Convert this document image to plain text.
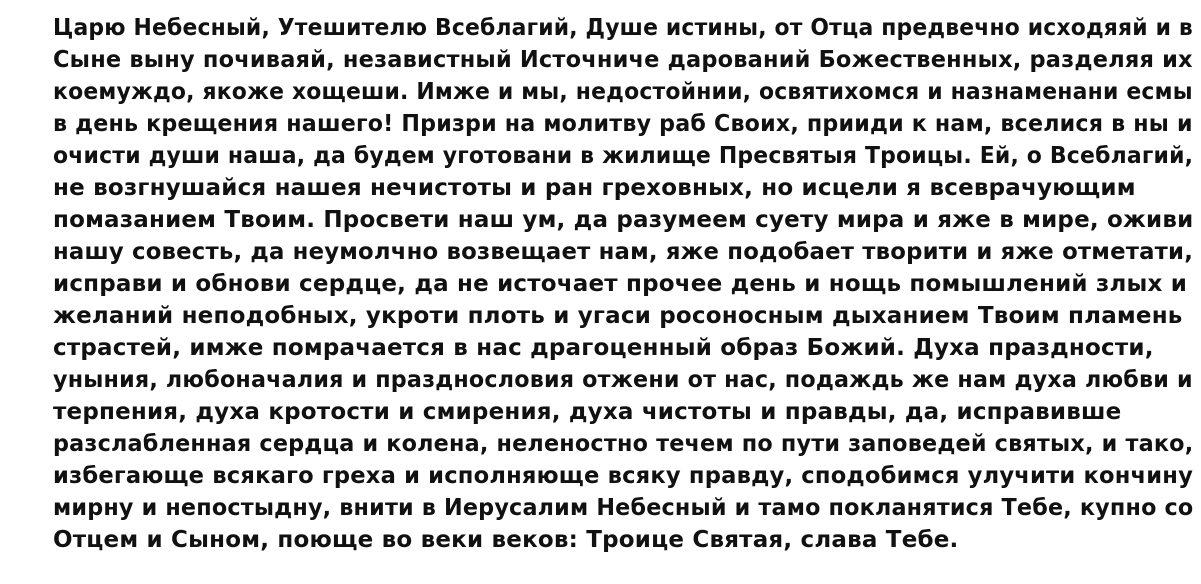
Царю Небесный, Утешителю Всеблагий, Душе истины, от Отца предвечно исходяяй и в
Сыне выну почиваяй, независтный Источниче дарований Божественных, разделяя их
коемуждо, якоже хощеши. Имже и мы, недостойнии, освятихомся и назнаменани есмы
в день крещения нашего! Призри на молитву раб Своих, прииди к нам, вселися в ны и
очисти души наша, да будем уготовани в жилище Пресвятыя Троицы. Ей, о Всеблагий,
не возгнушайся нашея нечистоты и ран греховных, но исцели я всеврачующим
помазанием Твоим. Просвети наш ум, да разумеем суету мира и яже в мире, оживи
нашу совесть, да неумолчно возвещает нам, яже подобает творити и яже отметати,
исправи и обнови сердце, да не источает прочее день и нощь помышлений злых и
желаний неподобных, укроти плоть и угаси росоносным дыханием Твоим пламень
страстей, имже помрачается в нас драгоценный образ Божий. Духа праздности,
уныния, любоначалия и празднословия отжени от нас, подаждь же нам духа любви и
терпения, духа кротости и смирения, духа чистоты и правды, да, исправивше
разслабленная сердца и колена, неленостно течем по пути заповедей святых, и тако,
избегающе всякаго греха и исполняюще всяку правду, сподобимся улучити кончину
мирну и непостыдну, внити в Иерусалим Небесный и тамо покланятися Тебе, купно со
Отцем и Сыном, поюще во веки веков: Троице Святая, слава Тебе.
